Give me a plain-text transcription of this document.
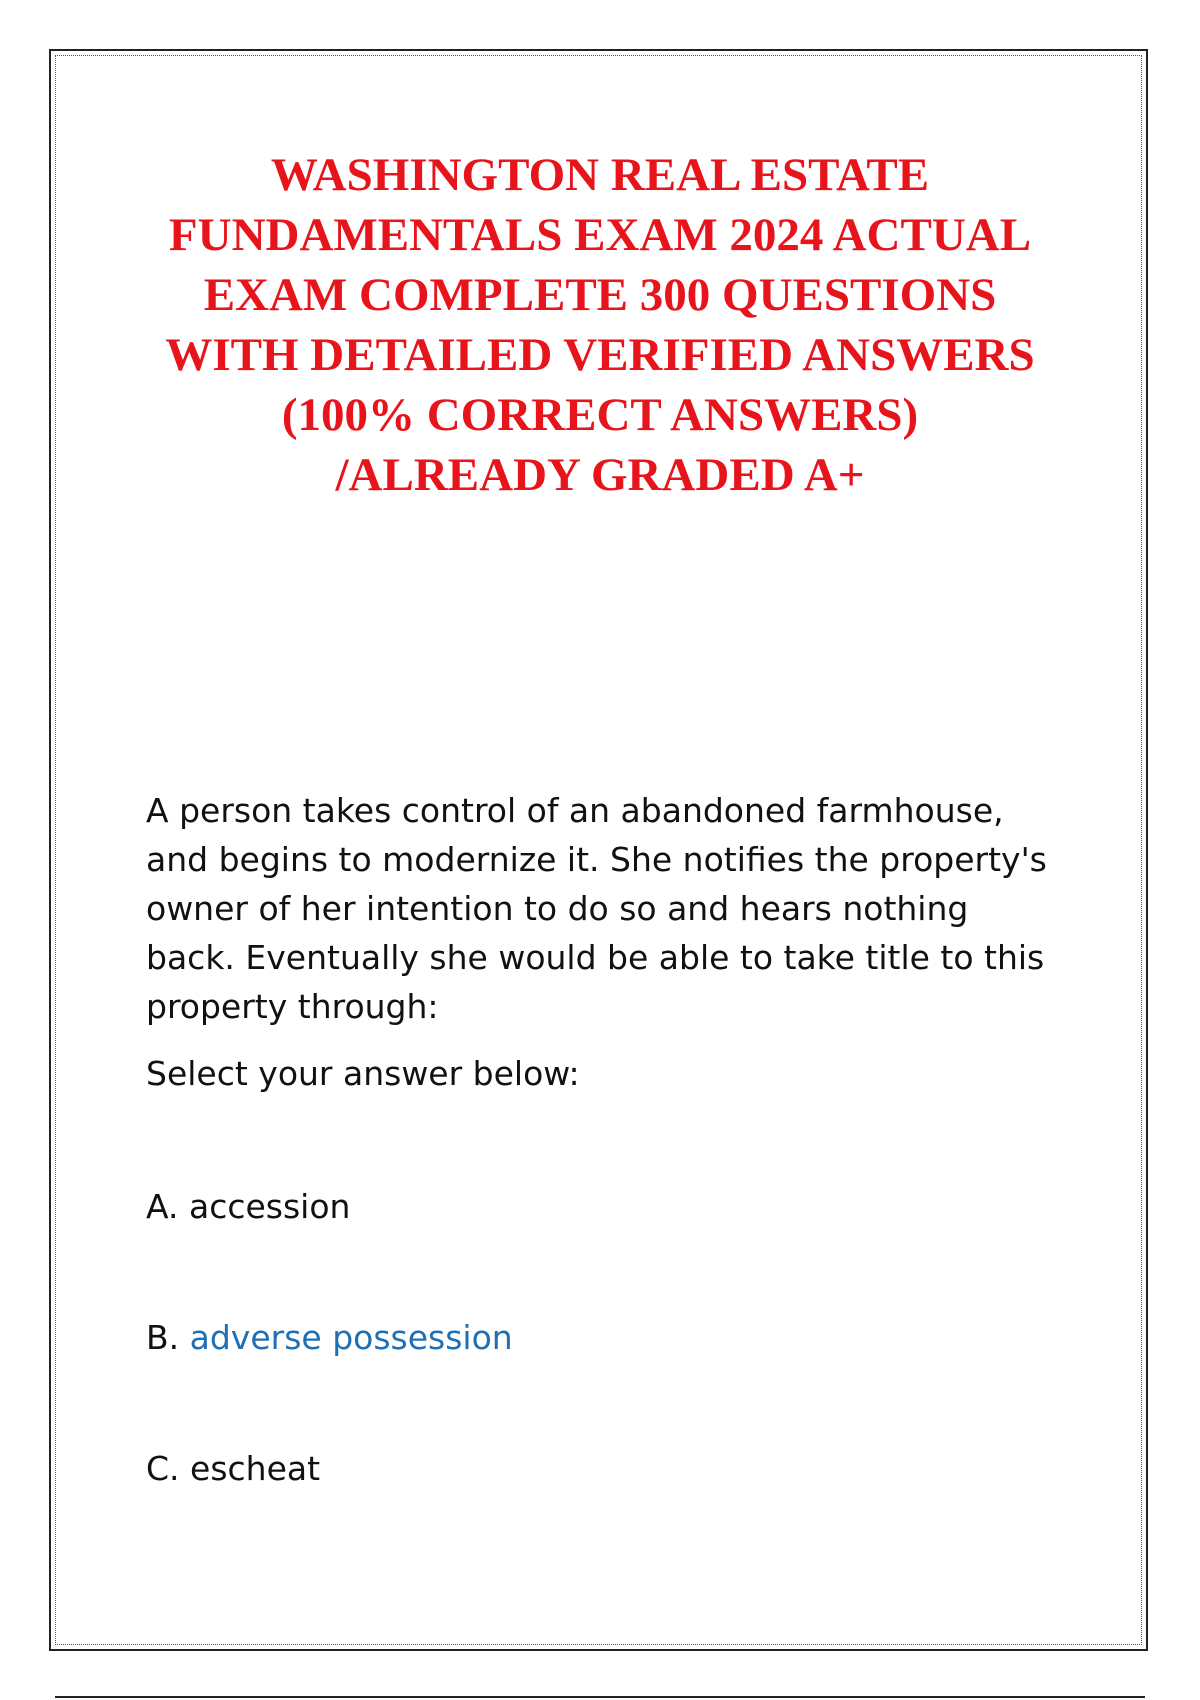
WASHINGTON REAL ESTATE
FUNDAMENTALS EXAM 2024 ACTUAL
EXAM COMPLETE 300 QUESTIONS
WITH DETAILED VERIFIED ANSWERS
(100% CORRECT ANSWERS)
/ALREADY GRADED A+

A person takes control of an abandoned farmhouse, and begins to modernize it. She notifies the property's owner of her intention to do so and hears nothing back. Eventually she would be able to take title to this property through:

Select your answer below:

A. accession

B. adverse possession

C. escheat
